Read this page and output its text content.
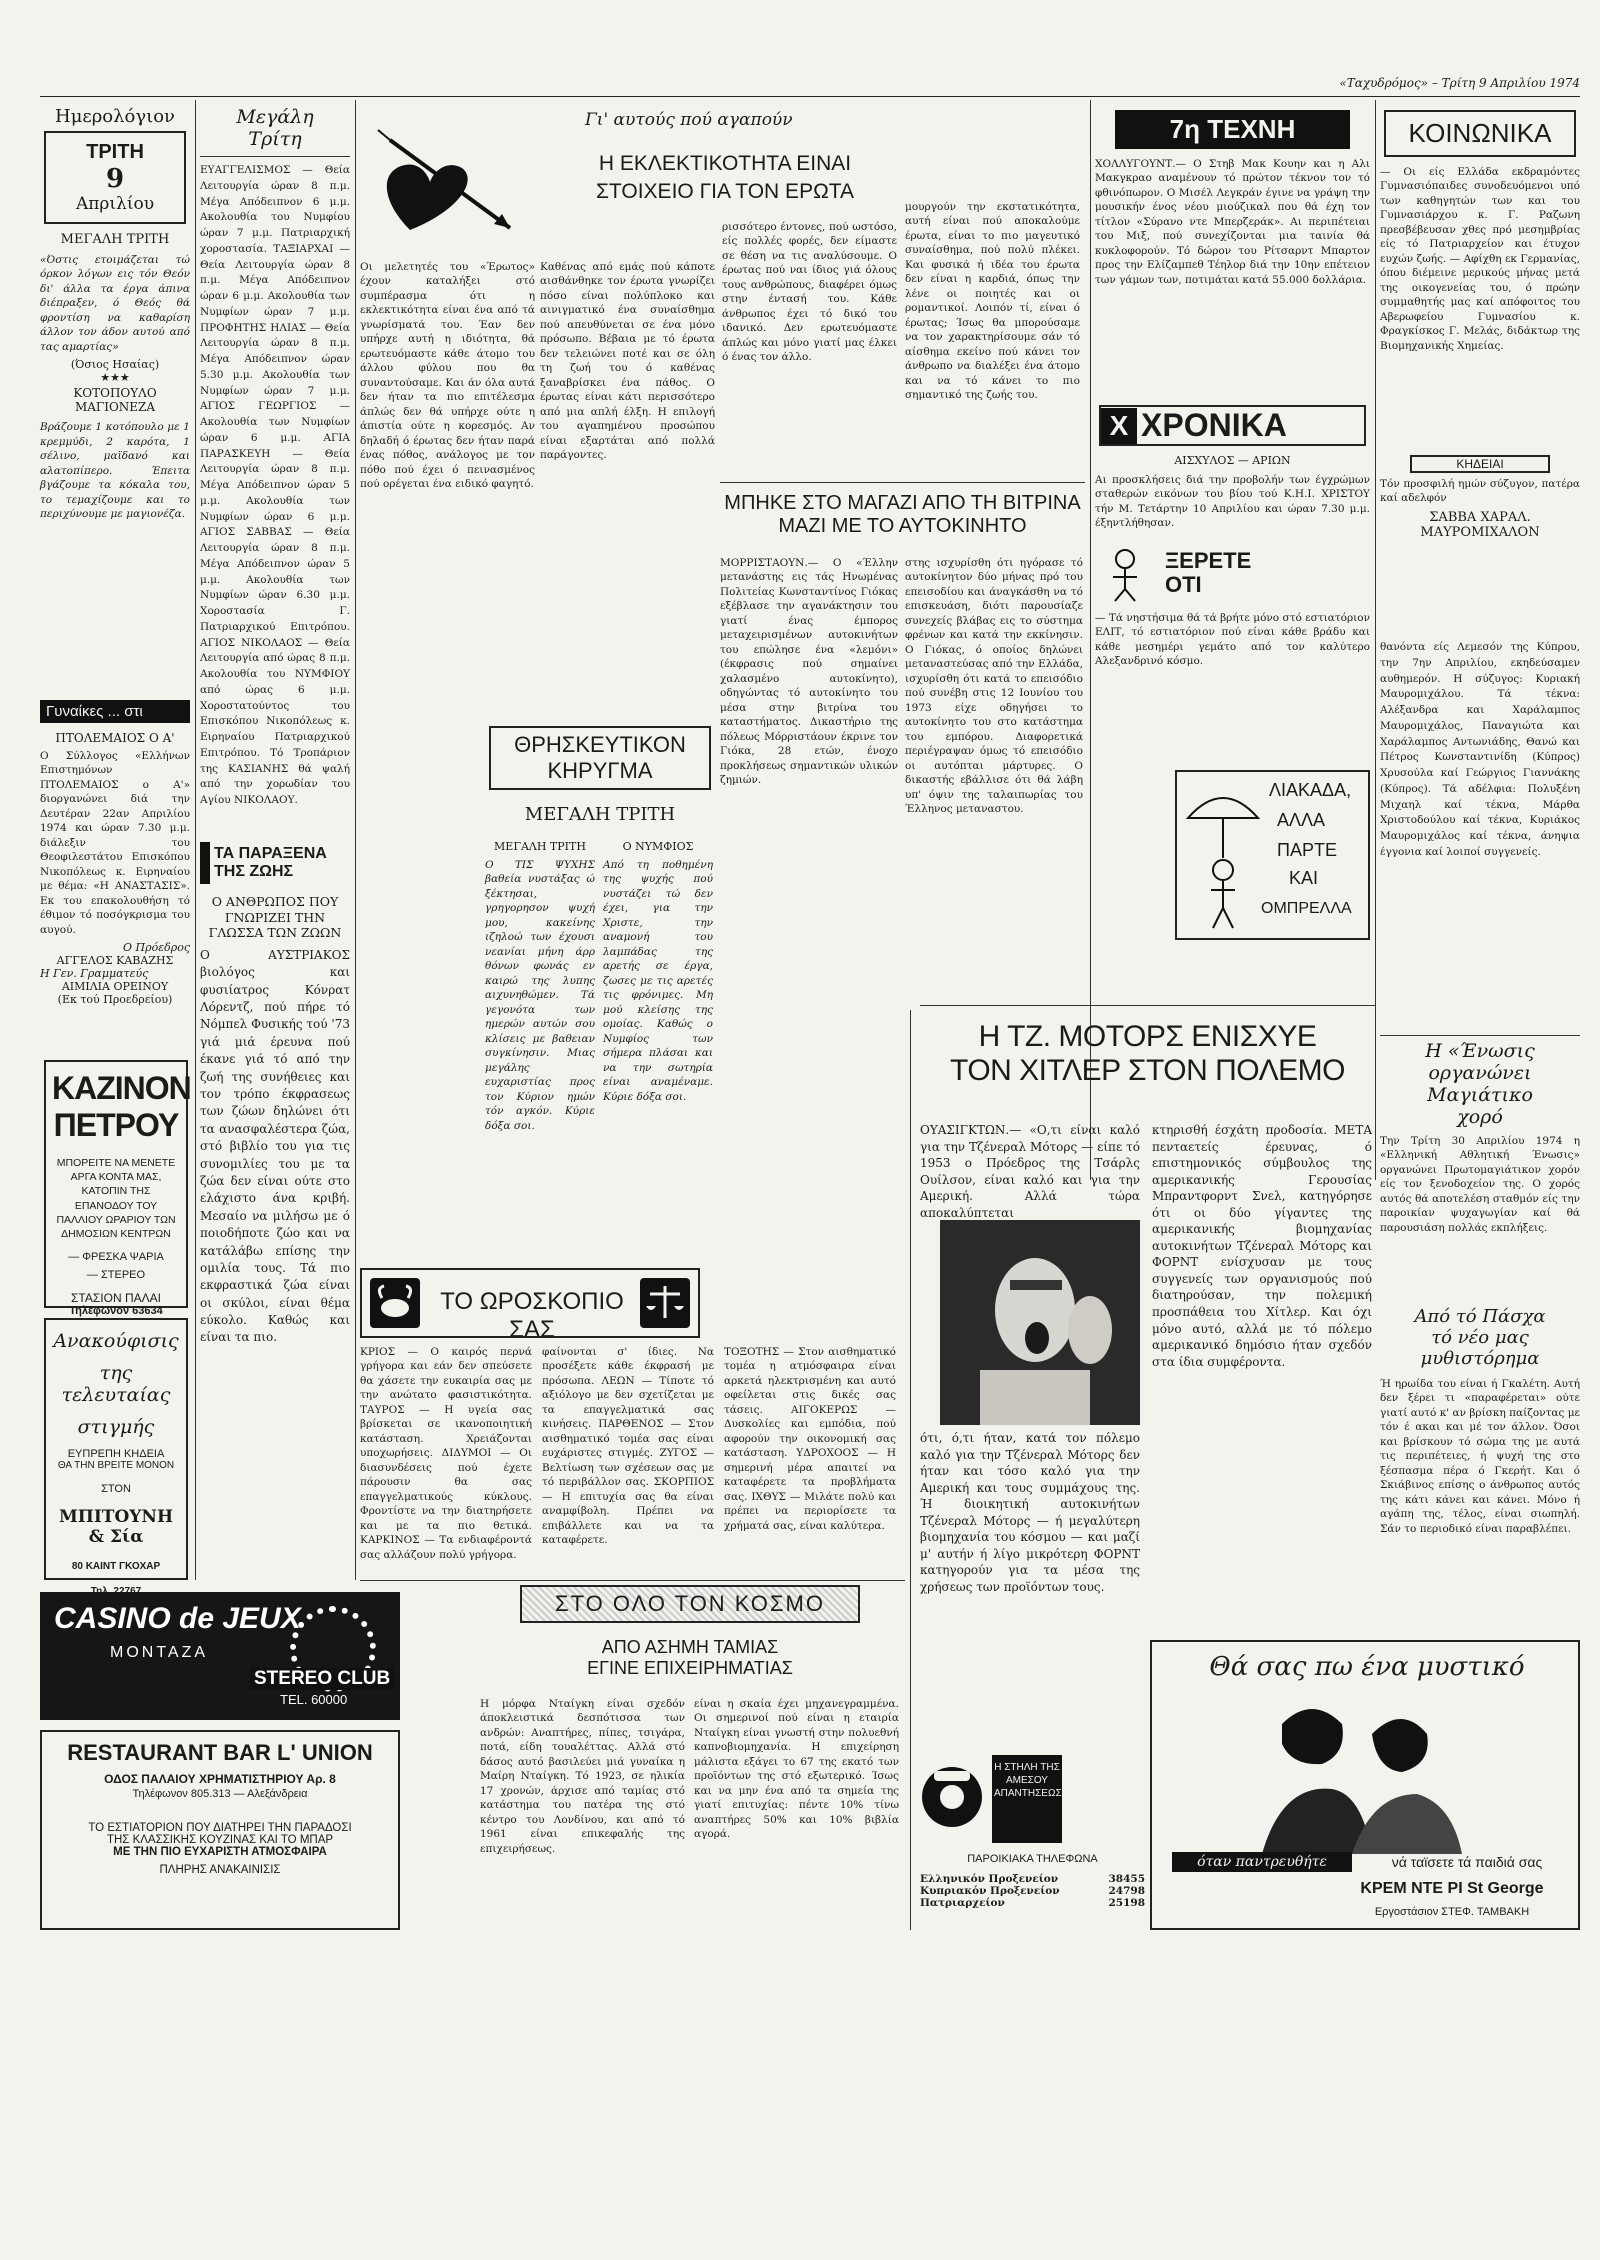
«Ταχυδρόμος» – Τρίτη 9 Απριλίου 1974
Ημερολόγιον
ΤΡΙΤΗ
9
Απριλίου
ΜΕΓΑΛΗ ΤΡΙΤΗ
«Όστις ετοιμάζεται τώ όρκον λόγων εις τόν Θεόν δι' άλλα τα έργα άπινα διέπραξεν, ό Θεός θά φροντίση να καθαρίση άλλον τον άδον αυτού από τας αμαρτίας»
(Όσιος Ησαίας)
★★★
ΚΟΤΟΠΟΥΛΟ ΜΑΓΙΟΝΕΖΑ
Βράζουμε 1 κοτόπουλο με 1 κρεμμύδι, 2 καρότα, 1 σέλινο, μαϊδανό και αλατοπίπερο. Έπειτα βγάζουμε τα κόκαλα του, το τεμαχίζουμε και το περιχύνουμε με μαγιονέζα.
Γυναίκες ... στι
ΠΤΟΛΕΜΑΙΟΣ Ο Α'
Ο Σύλλογος «Ελλήνων Επιστημόνων ΠΤΟΛΕΜΑΙΟΣ ο Α'» διοργανώνει διά την Δευτέραν 22αν Απριλίου 1974 και ώραν 7.30 μ.μ. διάλεξιν του Θεοφιλεστάτου Επισκόπου Νικοπόλεως κ. Ειρηναίου με θέμα: «Η ΑΝΑΣΤΑΣΙΣ». Εκ του επακολουθήση τό έθιμον τό ποσόγκρισμα του αυγού.
Ο Πρόεδρος
ΑΓΓΕΛΟΣ ΚΑΒΑΖΗΣ
Η Γεν. Γραμματεύς
ΑΙΜΙΛΙΑ ΟΡΕΙΝΟΥ
(Εκ τού Προεδρείου)
ΚΑΖΙΝΟΝ
ΠΕΤΡΟΥ
ΜΠΟΡΕΙΤΕ ΝΑ ΜΕΝΕΤΕ ΑΡΓΑ ΚΟΝΤΑ ΜΑΣ, ΚΑΤΟΠΙΝ ΤΗΣ ΕΠΑΝΟΔΟΥ ΤΟΥ ΠΑΛΛΙΟΥ ΩΡΑΡΙΟΥ ΤΩΝ ΔΗΜΟΣΙΩΝ ΚΕΝΤΡΩΝ
— ΦΡΕΣΚΑ ΨΑΡΙΑ
— ΣΤΕΡΕΟ
ΣΤΑΣΙΟΝ ΠΑΛΑΙ
Τηλέφωνον 63634
Ανακούφισις
της τελευταίας
στιγμής
ΕΥΠΡΕΠΗ ΚΗΔΕΙΑ
ΘΑ ΤΗΝ ΒΡΕΙΤΕ ΜΟΝΟΝ
ΣΤΟΝ
ΜΠΙΤΟΥΝΗ & Σία
80 ΚΑΙΝΤ ΓΚΟΧΑΡ
CASINO de JEUX
MONTAZA
STEREO CLUB
TEL. 60000
RESTAURANT BAR L' UNION
ΟΔΟΣ ΠΑΛΑΙΟΥ ΧΡΗΜΑΤΙΣΤΗΡΙΟΥ Αρ. 8
Τηλέφωνον 805.313 — Αλεξάνδρεια
ΤΟ ΕΣΤΙΑΤΟΡΙΟΝ ΠΟΥ ΔΙΑΤΗΡΕΙ ΤΗΝ ΠΑΡΑΔΟΣΙ
ΤΗΣ ΚΛΑΣΣΙΚΗΣ ΚΟΥΖΙΝΑΣ ΚΑΙ ΤΟ ΜΠΑΡ
ΜΕ ΤΗΝ ΠΙΟ ΕΥΧΑΡΙΣΤΗ ΑΤΜΟΣΦΑΙΡΑ
ΠΛΗΡΗΣ ΑΝΑΚΑΙΝΙΣΙΣ
Μεγάλη
Τρίτη
ΕΥΑΓΓΕΛΙΣΜΟΣ — Θεία Λειτουργία ώραν 8 π.μ. Μέγα Απόδειπνον 6 μ.μ. Ακολουθία του Νυμφίου ώραν 7 μ.μ. Πατριαρχική χοροστασία. ΤΑΞΙΑΡΧΑΙ — Θεία Λειτουργία ώραν 8 π.μ. Μέγα Απόδειπνον ώραν 6 μ.μ. Ακολουθία των Νυμφίων ώραν 7 μ.μ. ΠΡΟΦΗΤΗΣ ΗΛΙΑΣ — Θεία Λειτουργία ώραν 8 π.μ. Μέγα Απόδειπνον ώραν 5.30 μ.μ. Ακολουθία των Νυμφίων ώραν 7 μ.μ. ΑΓΙΟΣ ΓΕΩΡΓΙΟΣ — Ακολουθία των Νυμφίων ώραν 6 μ.μ. ΑΓΙΑ ΠΑΡΑΣΚΕΥΗ — Θεία Λειτουργία ώραν 8 π.μ. Μέγα Απόδειπνον ώραν 5 μ.μ. Ακολουθία των Νυμφίων ώραν 6 μ.μ. ΑΓΙΟΣ ΣΑΒΒΑΣ — Θεία Λειτουργία ώραν 8 π.μ. Μέγα Απόδειπνον ώραν 5 μ.μ. Ακολουθία των Νυμφίων ώραν 6.30 μ.μ. Χοροστασία Γ. Πατριαρχικού Επιτρόπου. ΑΓΙΟΣ ΝΙΚΟΛΑΟΣ — Θεία Λειτουργία από ώρας 8 π.μ. Ακολουθία του ΝΥΜΦΙΟΥ από ώρας 6 μ.μ. Χοροστατούντος του Επισκόπου Νικοπόλεως κ. Ειρηναίου Πατριαρχικού Επιτρόπου. Τό Τροπάριον της ΚΑΣΙΑΝΗΣ θά ψαλή από την χορωδίαν του Αγίου ΝΙΚΟΛΑΟΥ.
ΤΑ ΠΑΡΑΞΕΝΑ
ΤΗΣ ΖΩΗΣ
Ο ΑΝΘΡΩΠΟΣ ΠΟΥ ΓΝΩΡΙΖΕΙ ΤΗΝ ΓΛΩΣΣΑ ΤΩΝ ΖΩΩΝ
Ο ΑΥΣΤΡΙΑΚΟΣ βιολόγος και φυσιίατρος Κόνρατ Λόρεντζ, πού πήρε τό Νόμπελ Φυσικής τού '73 γιά μιά έρευνα πού έκανε γιά τό από την ζωή της συνήθειες και τον τρόπο έκφρασεως των ζώων δηλώνει ότι τα ανασφαλέστερα ζώα, στό βιβλίο του για τις συνομιλίες του με τα ζώα δεν είναι ούτε στο ελάχιστο άνα κριβή. Μεσαίο να μιλήσω με ό ποιοδήποτε ζώο και να κατάλάβω επίσης την ομιλία τους. Τά πιο εκφραστικά ζώα είναι οι σκύλοι, είναι θέμα εύκολο. Καθώς και είναι τα πιο.
Γι' αυτούς πού αγαπούν
Η ΕΚΛΕΚΤΙΚΟΤΗΤΑ ΕΙΝΑΙ
ΣΤΟΙΧΕΙΟ ΓΙΑ ΤΟΝ ΕΡΩΤΑ
Οι μελετητές του «Έρωτος» έχουν καταλήξει στό συμπέρασμα ότι η εκλεκτικότητα είναι ένα από τά γνωρίσματά του. Έαν δεν υπήρχε αυτή η ιδιότητα, θά ερωτευόμαστε κάθε άτομο του άλλου φύλου που θα συναντούσαμε. Και άν όλα αυτά δεν ήταν τα πιο επιτέλεσμα άπλώς δεν θά υπήρχε ούτε η άπιστία ούτε η κορεσμός. Αν δηλαδή ό έρωτας δεν ήταν παρά ένας πόθος, ανάλογος με τον πόθο πού έχει ό πεινασμένος πού ορέγεται ένα ειδικό φαγητό.
Καθένας από εμάς πού κάποτε αισθάνθηκε τον έρωτα γνωρίζει πόσο είναι πολύπλοκο και αινιγματικό ένα συναίσθημα πού απευθύνεται σε ένα μόνο πρόσωπο. Βέβαια με τό έρωτα δεν τελειώνει ποτέ και σε όλη τη ζωή του ό καθένας ξαναβρίσκει ένα πάθος. Ο έρωτας είναι κάτι περισσότερο από μια απλή έλξη. Η επιλογή του αγαπημένου προσώπου είναι εξαρτάται από πολλά παράγοντες.
ρισσότερο έντονες, πού ωστόσο, είς πολλές φορές, δεν είμαστε σε θέση να τις αναλύσουμε. Ο έρωτας πού ναι ίδιος γιά όλους τους ανθρώπους, διαφέρει όμως στην έντασή του. Κάθε άνθρωπος έχει τό δικό του ιδανικό. Δεν ερωτευόμαστε άπλώς και μόνο γιατί μας έλκει ό ένας τον άλλο.
μουργούν την εκστατικότητα, αυτή είναι πού αποκαλούμε έρωτα, είναι το πιο μαγευτικό συναίσθημα, πού πολύ πλέκει. Και φυσικά ή ιδέα του έρωτα δεν είναι η καρδιά, όπως την λένε οι ποιητές και οι ρομαντικοί. Λοιπόν τί, είναι ό έρωτας; Ίσως θα μπορούσαμε να τον χαρακτηρίσουμε σάν τό αίσθημα εκείνο πού κάνει τον άνθρωπο να διαλέξει ένα άτομο και να τό κάνει το πιο σημαντικό της ζωής του.
ΜΠΗΚΕ ΣΤΟ ΜΑΓΑΖΙ ΑΠΟ ΤΗ ΒΙΤΡΙΝΑ
ΜΑΖΙ ΜΕ ΤΟ ΑΥΤΟΚΙΝΗΤΟ
ΜΟΡΡΙΣΤΑΟΥΝ.— Ο «Έλλην μετανάστης εις τάς Ηνωμένας Πολιτείας Κωνσταντίνος Γιόκας εξέβλασε την αγανάκτησιν του γιατί ένας έμπορος μεταχειρισμένων αυτοκινήτων του επώλησε ένα «λεμόνι» (έκφρασις πού σημαίνει χαλασμένο αυτοκίνητο), οδηγώντας τό αυτοκίνητο του μέσα στην βιτρίνα του καταστήματος. Δικαστήριο της πόλεως Μόρριστάουν έκρινε τον Γιόκα, 28 ετών, ένοχο προκλήσεως σημαντικών υλικών ζημιών.
στης ισχυρίσθη ότι ηγόρασε τό αυτοκίνητον δύο μήνας πρό του επεισοδίου και άναγκάσθη να τό επισκευάση, διότι παρουσίαζε συνεχείς βλάβας εις το σύστημα φρένων και κατά την εκκίνησιν. Ο Γιόκας, ό οποίος δηλώνει μεταναστεύσας από την Ελλάδα, ισχυρίσθη ότι κατά το επεισόδιο πού συνέβη στις 12 Ιουνίου του 1973 είχε οδηγήσει το αυτοκίνητο του στο κατάστημα του εμπόρου. Διαφορετικά περιέγραψαν όμως τό επεισόδιο οι αυτόπται μάρτυρες. Ο δικαστής εβάλλισε ότι θά λάβη υπ' όψιν της ταλαιπωρίας του Έλληνος μεταναστου.
ΘΡΗΣΚΕΥΤΙΚΟΝ ΚΗΡΥΓΜΑ
ΜΕΓΑΛΗ ΤΡΙΤΗ
ΜΕΓΑΛΗ ΤΡΙΤΗ	Ο ΝΥΜΦΙΟΣ
Ο ΤΙΣ ΨΥΧΗΣ βαθεία νυστάξας ώ ξέκτησαι, γρηγορησον ψυχή μου, κακείνης ιζηλοώ των έχουσι νεανίαι μήνη άρρ θόνων φωνάς εν καιρώ της λυπης αιχυνηθώμεν. Τά γεγονότα των ημερών αυτών σου κλίσεις με βαθειαν συγκίνησιν. Μιας μεγάλης ευχαριστίας προς τον Κύριον ημών τόν αγκόν. Κύριε δόξα σοι.
Από τη ποθημένη της ψυχής πού νυστάζει τώ δεν έχει, για την Χριστε, την αναμονή του λαμπάδας της αρετής σε έργα, ζωσες με τις αρετές τις φρόνιμες. Μη μού κλείσης της ομοίας. Καθώς ο Νυμφίος των σήμερα πλάσαι και να την σωτηρία είναι αναμέναμε. Κύριε δόξα σοι.
ΤΟ ΩΡΟΣΚΟΠΙΟ ΣΑΣ
ΚΡΙΟΣ — Ο καιρός περνά γρήγορα και εάν δεν σπεύσετε θα χάσετε την ευκαιρία σας με την ανώτατο φασιστικότητα. ΤΑΥΡΟΣ — Η υγεία σας βρίσκεται σε ικανοποιητική κατάσταση. Χρειάζονται υποχωρήσεις. ΔΙΔΥΜΟΙ — Οι διασυνδέσεις πού έχετε πάρουσιν θα σας επαγγελματικούς κύκλους. Φροντίστε να την διατηρήσετε και με τα πιο θετικά. ΚΑΡΚΙΝΟΣ — Τα ενδιαφέροντά σας αλλάζουν πολύ γρήγορα.
φαίνονται σ' ίδιες. Να προσέξετε κάθε έκφρασή με πρόσωπα. ΛΕΩΝ — Τίποτε τό αξιόλογο με δεν σχετίζεται με τα επαγγελματικά σας κινήσεις. ΠΑΡΘΕΝΟΣ — Στον αισθηματικό τομέα σας είναι ευχάριστες στιγμές. ΖΥΓΟΣ — Βελτίωση των σχέσεων σας με τό περιβάλλον σας. ΣΚΟΡΠΙΟΣ — Η επιτυχία σας θα είναι αναμφίβολη. Πρέπει να επιβάλλετε και να τα καταφέρετε.
ΤΟΞΟΤΗΣ — Στον αισθηματικό τομέα η ατμόσφαιρα είναι αρκετά ηλεκτρισμένη και αυτό οφείλεται στις δικές σας τάσεις. ΑΙΓΟΚΕΡΩΣ — Δυσκολίες και εμπόδια, πού αφορούν την οικονομική σας κατάσταση. ΥΔΡΟΧΟΟΣ — Η σημερινή μέρα απαιτεί να καταφέρετε τα προβλήματα σας. ΙΧΘΥΣ — Μιλάτε πολύ και πρέπει να περιορίσετε τα χρήματά σας, είναι καλύτερα.
ΣΤΟ ΟΛΟ ΤΟΝ ΚΟΣΜΟ
ΑΠΟ ΑΣΗΜΗ ΤΑΜΙΑΣ
ΕΓΙΝΕ ΕΠΙΧΕΙΡΗΜΑΤΙΑΣ
Η μόρφα Νταίγκη είναι σχεδόν άποκλειστικά δεσπότισσα των ανδρών: Αναπτήρες, πίπες, τσιγάρα, ποτά, είδη τουαλέττας. Αλλά στό δάσος αυτό βασιλεύει μιά γυναίκα η Μαίρη Νταίγκη. Τό 1923, σε ηλικία 17 χρονών, άρχισε από ταμίας στό κατάστημα του πατέρα της στό κέντρο του Λονδίνου, και από τό 1961 είναι επικεφαλής της επιχειρήσεως.
είναι η σκαία έχει μηχανεγραμμένα. Οι σημερινοί πού είναι η εταιρία Νταίγκη είναι γνωστή στην πολυεθνή καπνοβιομηχανία. Η επιχείρηση μάλιστα εξάγει το 67 της εκατό των προϊόντων της στό εξωτερικό. Ίσως και να μην ένα από τα σημεία της γιατί επιτυχίας: πέντε 10% τίνω αναπτήρες 50% και 10% βιβλία αγορά.
7η ΤΕΧΝΗ
ΧΟΛΛΥΓΟΥΝΤ.— Ο Στηβ Μακ Κουην και η Αλι Μακγκραο αναμένουν τό πρώτον τέκνον τον τό φθινόπωρον. Ο Μισέλ Λεγκράν έγινε να γράψη την μουσικήν ένος νέου μιούζικαλ που θά έχη τον τίτλον «Σύρανο ντε Μπερζεράκ». Αι περιπέτειαι του Μιξ, πού συνεχίζονται μια ταινία θά κυκλοφορούν. Τό δώρον του Ρίτσαρντ Μπαρτον προς την Ελίζαμπεθ Τέηλορ διά την 10ην επέτειον των γάμων των, ποτιμάται κατά 55.000 δολλάρια.
X ΧΡΟΝΙΚΑ
ΑΙΣΧΥΛΟΣ — ΑΡΙΩΝ
Αι προσκλήσεις διά την προβολήν των έγχρώμων σταθερών εικόνων του βίου τού Κ.Η.Ι. ΧΡΙΣΤΟΥ τήν Μ. Τετάρτην 10 Απριλίου και ώραν 7.30 μ.μ. έξηντλήθησαν.
ΞΕΡΕΤΕ ΟΤΙ
— Τά νηστήσιμα θά τά βρήτε μόνο στό εστιατόριον ΕΛΙΤ, τό εστιατόριον πού είναι κάθε βράδυ και κάθε μεσημέρι γεμάτο από τον καλύτερο Αλεξανδρινό κόσμο.
ΛΙΑΚΑΔΑ,
ΑΛΛΑ
ΠΑΡΤΕ
ΚΑΙ
ΟΜΠΡΕΛΛΑ
ΚΟΙΝΩΝΙΚΑ
— Οι είς Ελλάδα εκδραμόντες Γυμνασιόπαιδες συνοδευόμενοι υπό των καθηγητών των και του Γυμνασιάρχου κ. Γ. Ραζωνη πρεσβέβευσαν χθες πρό μεσημβρίας είς τό Πατριαρχείον και έτυχον ευχών ζωής. — Αφίχθη εκ Γερμανίας, όπου διέμεινε μερικούς μήνας μετά της οικογενείας του, ό πρώην συμμαθητής μας καί απόφοιτος του Αβερωφείου Γυμνασίου κ. Φραγκίσκος Γ. Μελάς, διδάκτωρ της Βιομηχανικής Χημείας.
ΚΗΔΕΙΑΙ
Τόν προσφιλή ημών σύζυγον, πατέρα καί αδελφόν
ΣΑΒΒΑ ΧΑΡΑΛ. ΜΑΥΡΟΜΙΧΑΛΟΝ
θανόντα είς Λεμεσόν της Κύπρου, την 7ην Απριλίου, εκηδεύσαμεν αυθημερόν. Η σύζυγος: Κυριακή Μαυρομιχάλου. Τά τέκνα: Αλέξανδρα και Χαράλαμπος Μαυρομιχάλος, Παναγιώτα και Χαράλαμπος Αντωνιάδης, Θανώ και Πέτρος Κωνσταντινίδη (Κύπρος) Χρυσούλα καί Γεώργιος Γιαννάκης (Κύπρος). Τά αδέλφια: Πολυξένη Μιχαηλ καί τέκνα, Μάρθα Χριστοδούλου καί τέκνα, Κυριάκος Μαυρομιχάλος καί τέκνα, άνηψια έγγονια καί λοιποί συγγενείς.
Η «Ένωσις
οργανώνει
Μαγιάτικο
χορό
Την Τρίτη 30 Απριλίου 1974 η «Ελληνική Αθλητική Ένωσις» οργανώνει Πρωτομαγιάτικον χορόν είς τον ξενοδοχείον της. Ο χορός αυτός θά αποτελέση σταθμόν είς την παροικίαν ψυχαγωγίαν καί θά παρουσιάση πολλάς εκπλήξεις.
Από τό Πάσχα
τό νέο μας
μυθιστόρημα
Ή ηρωίδα του είναι ή Γκαλέτη. Αυτή δεν ξέρει τι «παραφέρεται» ούτε γιατί αυτό κ' αν βρίσκη παίζοντας με τόν έ ακαι και μέ τον άλλον. Όσοι και βρίσκουν τό σώμα της με αυτά τις περιπέτειες, ή ψυχή της στο ξέσπασμα πέρα ό Γκερήτ. Και ό Σκιάβινος επίσης ο άνθρωπος αυτός της κάτι κάνει και κάνει. Μόνο ή αγάπη της, τέλος, είναι σιωπηλή. Σάν το περιοδικό είναι παραβλέπει.
Η ΤΖ. ΜΟΤΟΡΣ ΕΝΙΣΧΥΕ
ΤΟΝ ΧΙΤΛΕΡ ΣΤΟΝ ΠΟΛΕΜΟ
ΟΥΑΣΙΓΚΤΩΝ.— «Ο,τι είναι καλό για την Τζένεραλ Μότορς — είπε τό 1953 ο Πρόεδρος της Τσάρλς Ουίλσον, είναι καλό και για την Αμερική. Αλλά τώρα αποκαλύπτεται
κτηρισθή έσχάτη προδοσία. ΜΕΤΑ πενταετείς έρευνας, ό επιστημονικός σύμβουλος της αμερικανικής Γερουσίας Μπραντφορντ Σνελ, κατηγόρησε ότι οι δύο γίγαντες της αμερικανικής βιομηχανίας αυτοκινήτων Τζένεραλ Μότορς και ΦΟΡΝΤ ενίσχυσαν με τους συγγενείς των οργανισμούς πού διατηρούσαν, την πολεμική προσπάθεια του Χίτλερ. Και όχι μόνο αυτό, αλλά με τό πόλεμο αμερικανικό δημόσιο ήταν σχεδόν στα ίδια συμφέροντα.
ότι, ό,τι ήταν, κατά τον πόλεμο καλό για την Τζένεραλ Μότορς δεν ήταν και τόσο καλό για την Αμερική και τους συμμάχους της. Ή διοικητική αυτοκινήτων Τζένεραλ Μότορς — ή μεγαλύτερη βιομηχανία του κόσμου — και μαζί μ' αυτήν ή λίγο μικρότερη ΦΟΡΝΤ κατηγορούν για τα μέσα της χρήσεως των προϊόντων τους.
Θά σας πω ένα μυστικό
όταν παντρευθήτε	νά ταϊσετε τά παιδιά σας
ΚΡΕΜ ΝΤΕ ΡΙ St George
Εργοστάσιον ΣΤΕΦ. ΤΑΜΒΑΚΗ
Η ΣΤΗΛΗ ΤΗΣ ΑΜΕΣΟΥ ΑΠΑΝΤΗΣΕΩΣ
ΠΑΡΟΙΚΙΑΚΑ ΤΗΛΕΦΩΝΑ
Ελληνικόν Προξενείον	38455
Κυπριακόν Προξενείον	24798
Πατριαρχείον	25198
